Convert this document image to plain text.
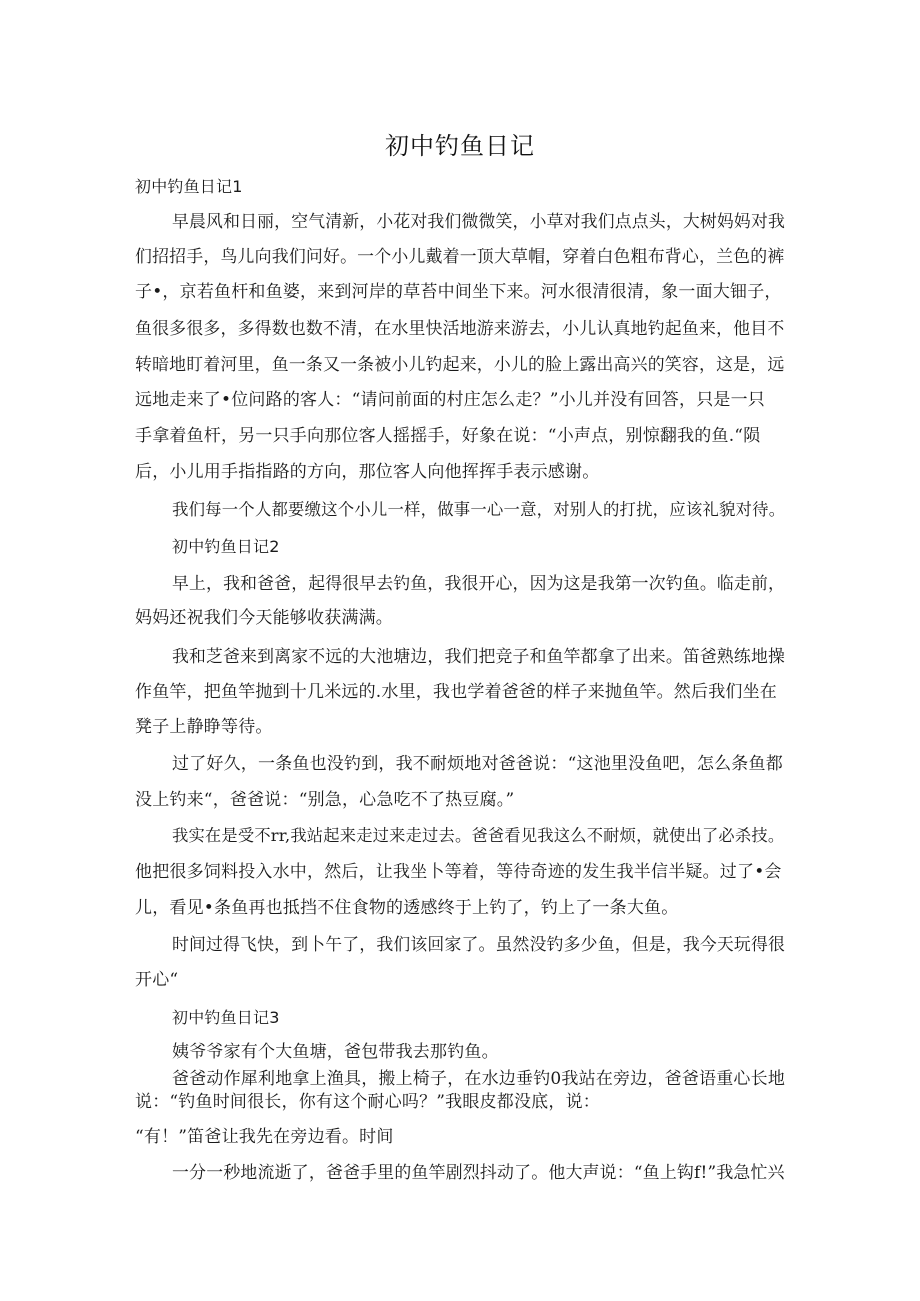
初中钓鱼日记
初中钓鱼日记1
早晨风和日丽，空气清新，小花对我们微微笑，小草对我们点点头，大树妈妈对我
们招招手，鸟儿向我们问好。一个小儿戴着一顶大草帽，穿着白色粗布背心，兰色的裤
子•，京若鱼杆和鱼婆，来到河岸的草苔中间坐下来。河水很清很清，象一面大钿子，
鱼很多很多，多得数也数不清，在水里快活地游来游去，小儿认真地钓起鱼来，他目不
转暗地盯着河里，鱼一条又一条被小儿钓起来，小儿的脸上露出高兴的笑容，这是，远
远地走来了•位问路的客人：“请问前面的村庄怎么走？”小儿并没有回答，只是一只
手拿着鱼杆，另一只手向那位客人摇摇手，好象在说：“小声点，别惊翻我的鱼.“陨
后，小儿用手指指路的方向，那位客人向他挥挥手表示感谢。
我们每一个人都要缴这个小儿一样，做事一心一意，对别人的打扰，应该礼貌对待。
初中钓鱼日记2
早上，我和爸爸，起得很早去钓鱼，我很开心，因为这是我第一次钓鱼。临走前，
妈妈还祝我们今天能够收获满满。
我和芝爸来到离家不远的大池塘边，我们把竞子和鱼竿都拿了出来。笛爸熟练地操
作鱼竿，把鱼竿抛到十几米远的.水里，我也学着爸爸的样子来抛鱼竿。然后我们坐在
凳子上静睁等待。
过了好久，一条鱼也没钓到，我不耐烦地对爸爸说：“这池里没鱼吧，怎么条鱼都
没上钓来“，爸爸说：“别急，心急吃不了热豆腐。”
我实在是受不rr,我站起来走过来走过去。爸爸看见我这么不耐烦，就使出了必杀技。
他把很多饲料投入水中，然后，让我坐卜等着，等待奇迹的发生我半信半疑。过了•会
儿，看见•条鱼再也抵挡不住食物的透感终于上钓了，钓上了一条大鱼。
时间过得飞快，到卜午了，我们该回家了。虽然没钓多少鱼，但是，我今天玩得很
开心“
初中钓鱼日记3
姨爷爷家有个大鱼塘，爸包带我去那钓鱼。
爸爸动作犀利地拿上渔具，搬上椅子，在水边垂钓0我站在旁边，爸爸语重心长地
说：“钓鱼时间很长，你有这个耐心吗？”我眼皮都没底，说：
“有！”笛爸让我先在旁边看。时间
一分一秒地流逝了，爸爸手里的鱼竿剧烈抖动了。他大声说：“鱼上钩f!”我急忙兴
